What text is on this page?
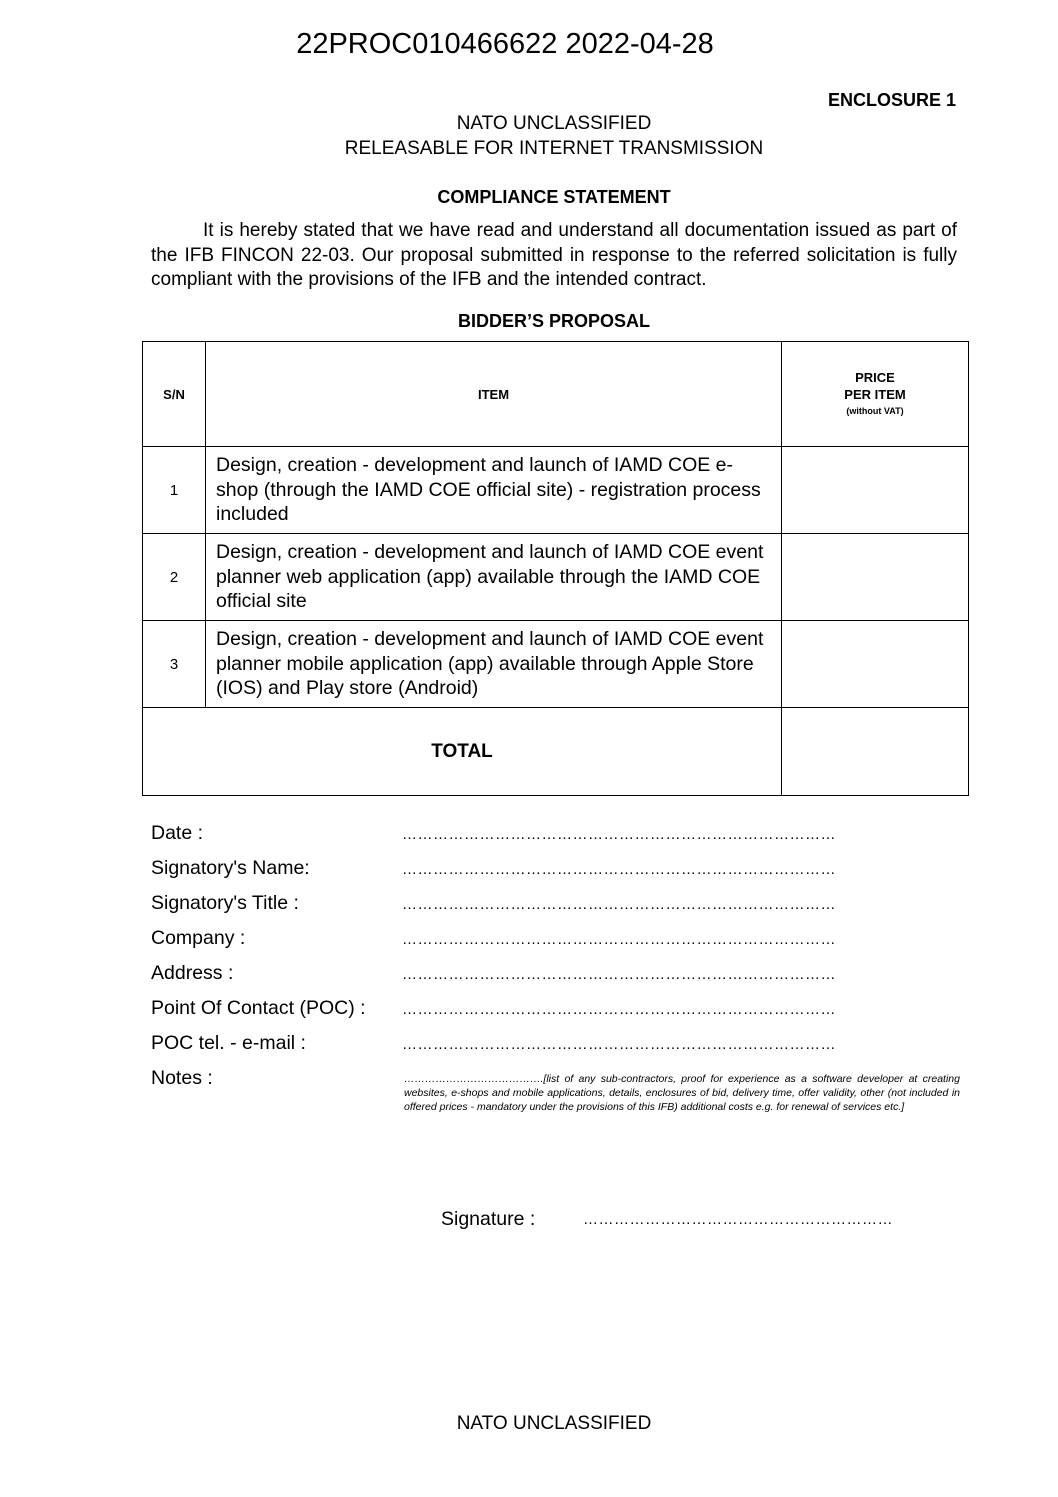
22PROC010466622 2022-04-28
ENCLOSURE 1
NATO UNCLASSIFIED
RELEASABLE FOR INTERNET TRANSMISSION
COMPLIANCE STATEMENT
It is hereby stated that we have read and understand all documentation issued as part of the IFB FINCON 22-03. Our proposal submitted in response to the referred solicitation is fully compliant with the provisions of the IFB and the intended contract.
BIDDER’S PROPOSAL
S/N	ITEM	PRICE
PER ITEM
(without VAT)

1	Design, creation - development and launch of IAMD COE e-shop (through the IAMD COE official site) - registration process included	
2	Design, creation - development and launch of IAMD COE event planner web application (app) available through the IAMD COE official site	
3	Design, creation - development and launch of IAMD COE event planner mobile application (app) available through Apple Store (IOS) and Play store (Android)	
TOTAL		
Date :	…………………………………………………………………………
Signatory's Name:	…………………………………………………………………………
Signatory's Title :	…………………………………………………………………………
Company :	…………………………………………………………………………
Address :	…………………………………………………………………………
Point Of Contact (POC) : …………………………………………………………………………
POC tel. - e-mail :	…………………………………………………………………………
Notes :	………………………………….[list of any sub-contractors, proof for experience as a software developer at creating websites, e-shops and mobile applications, details, enclosures of bid, delivery time, offer validity, other (not included in offered prices - mandatory under the provisions of this IFB) additional costs e.g. for renewal of services etc.]
Signature :	……………………………………………………
NATO UNCLASSIFIED
